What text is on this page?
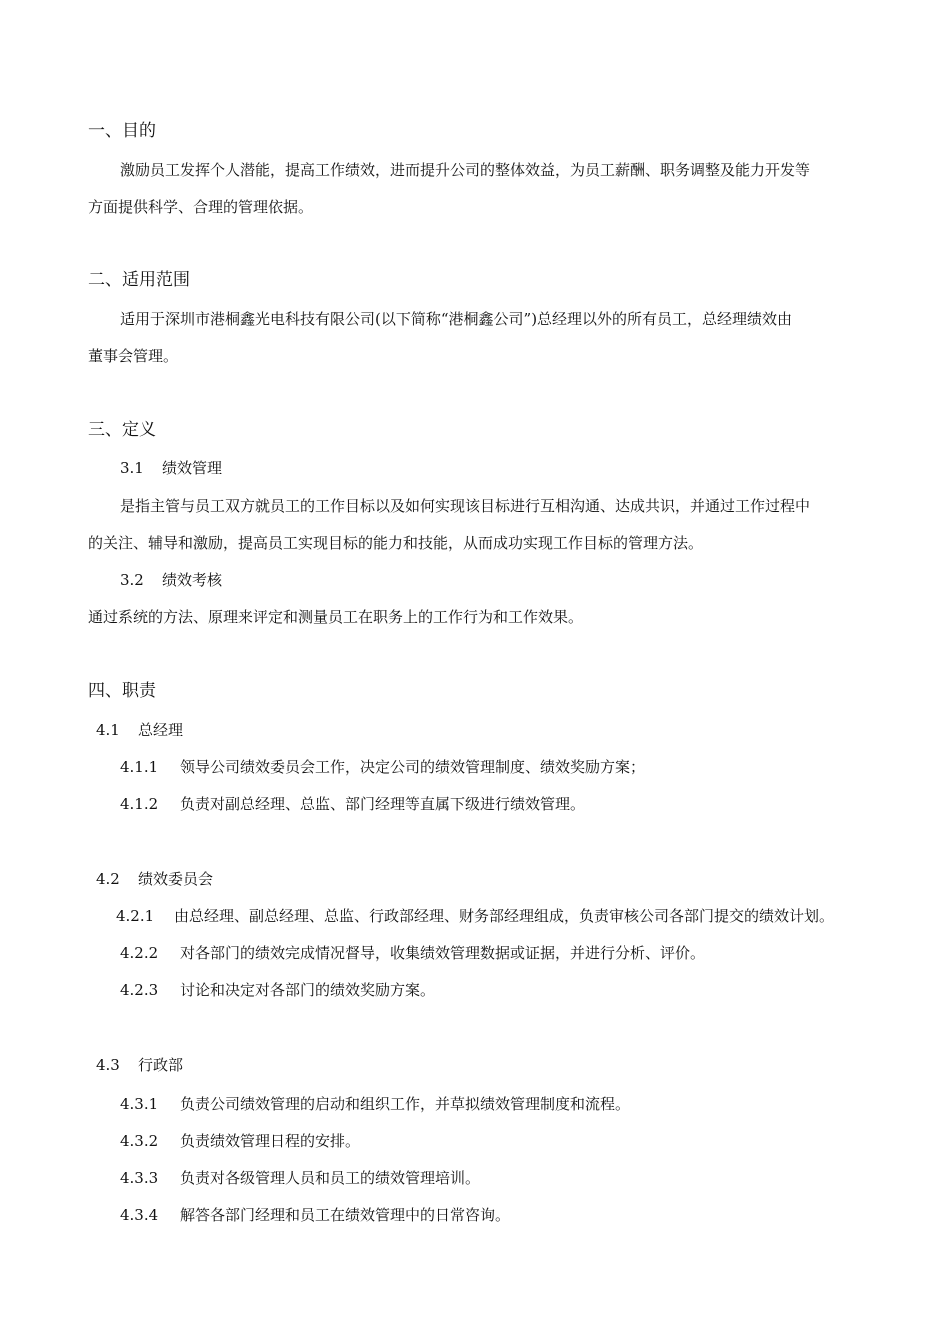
一、目的
激励员工发挥个人潜能，提高工作绩效，进而提升公司的整体效益，为员工薪酬、职务调整及能力开发等
方面提供科学、合理的管理依据。
二、适用范围
适用于深圳市港桐鑫光电科技有限公司(以下简称“港桐鑫公司”)总经理以外的所有员工，总经理绩效由
董事会管理。
三、定义
3.1 绩效管理
是指主管与员工双方就员工的工作目标以及如何实现该目标进行互相沟通、达成共识，并通过工作过程中
的关注、辅导和激励，提高员工实现目标的能力和技能，从而成功实现工作目标的管理方法。
3.2 绩效考核
通过系统的方法、原理来评定和测量员工在职务上的工作行为和工作效果。
四、职责
4.1 总经理
4.1.1 领导公司绩效委员会工作，决定公司的绩效管理制度、绩效奖励方案；
4.1.2 负责对副总经理、总监、部门经理等直属下级进行绩效管理。
4.2 绩效委员会
4.2.1 由总经理、副总经理、总监、行政部经理、财务部经理组成，负责审核公司各部门提交的绩效计划。
4.2.2 对各部门的绩效完成情况督导，收集绩效管理数据或证据，并进行分析、评价。
4.2.3 讨论和决定对各部门的绩效奖励方案。
4.3 行政部
4.3.1 负责公司绩效管理的启动和组织工作，并草拟绩效管理制度和流程。
4.3.2 负责绩效管理日程的安排。
4.3.3 负责对各级管理人员和员工的绩效管理培训。
4.3.4 解答各部门经理和员工在绩效管理中的日常咨询。
